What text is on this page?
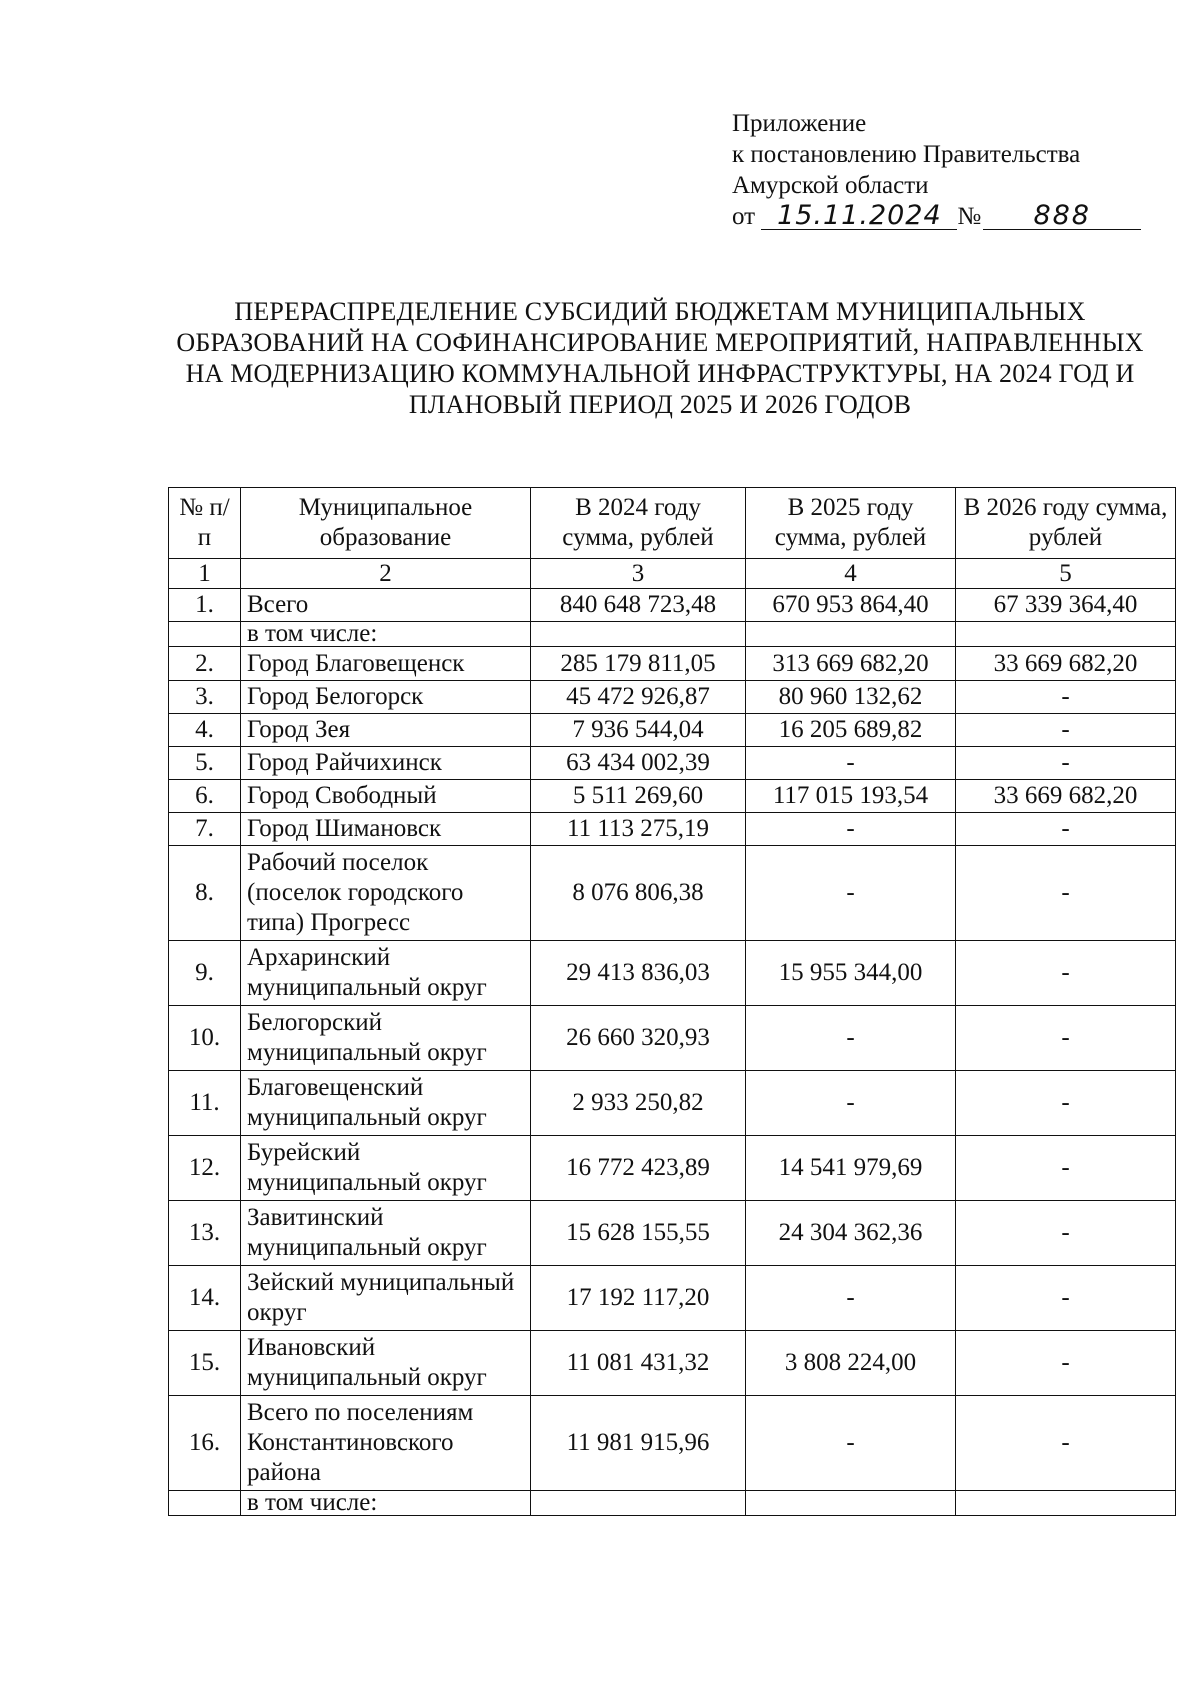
Приложение
к постановлению Правительства
Амурской области
от 15.11.2024 № 888
ПЕРЕРАСПРЕДЕЛЕНИЕ СУБСИДИЙ БЮДЖЕТАМ МУНИЦИПАЛЬНЫХ ОБРАЗОВАНИЙ НА СОФИНАНСИРОВАНИЕ МЕРОПРИЯТИЙ, НАПРАВЛЕННЫХ НА МОДЕРНИЗАЦИЮ КОММУНАЛЬНОЙ ИНФРАСТРУКТУРЫ, НА 2024 ГОД И ПЛАНОВЫЙ ПЕРИОД 2025 И 2026 ГОДОВ
№ п/п	Муниципальное образование	В 2024 году сумма, рублей	В 2025 году сумма, рублей	В 2026 году сумма, рублей
1	2	3	4	5
1.	Всего	840 648 723,48	670 953 864,40	67 339 364,40
	в том числе:			
2.	Город Благовещенск	285 179 811,05	313 669 682,20	33 669 682,20
3.	Город Белогорск	45 472 926,87	80 960 132,62	-
4.	Город Зея	7 936 544,04	16 205 689,82	-
5.	Город Райчихинск	63 434 002,39	-	-
6.	Город Свободный	5 511 269,60	117 015 193,54	33 669 682,20
7.	Город Шимановск	11 113 275,19	-	-
8.	Рабочий поселок (поселок городского типа) Прогресс	8 076 806,38	-	-
9.	Архаринский муниципальный округ	29 413 836,03	15 955 344,00	-
10.	Белогорский муниципальный округ	26 660 320,93	-	-
11.	Благовещенский муниципальный округ	2 933 250,82	-	-
12.	Бурейский муниципальный округ	16 772 423,89	14 541 979,69	-
13.	Завитинский муниципальный округ	15 628 155,55	24 304 362,36	-
14.	Зейский муниципальный округ	17 192 117,20	-	-
15.	Ивановский муниципальный округ	11 081 431,32	3 808 224,00	-
16.	Всего по поселениям Константиновского района	11 981 915,96	-	-
	в том числе:			
